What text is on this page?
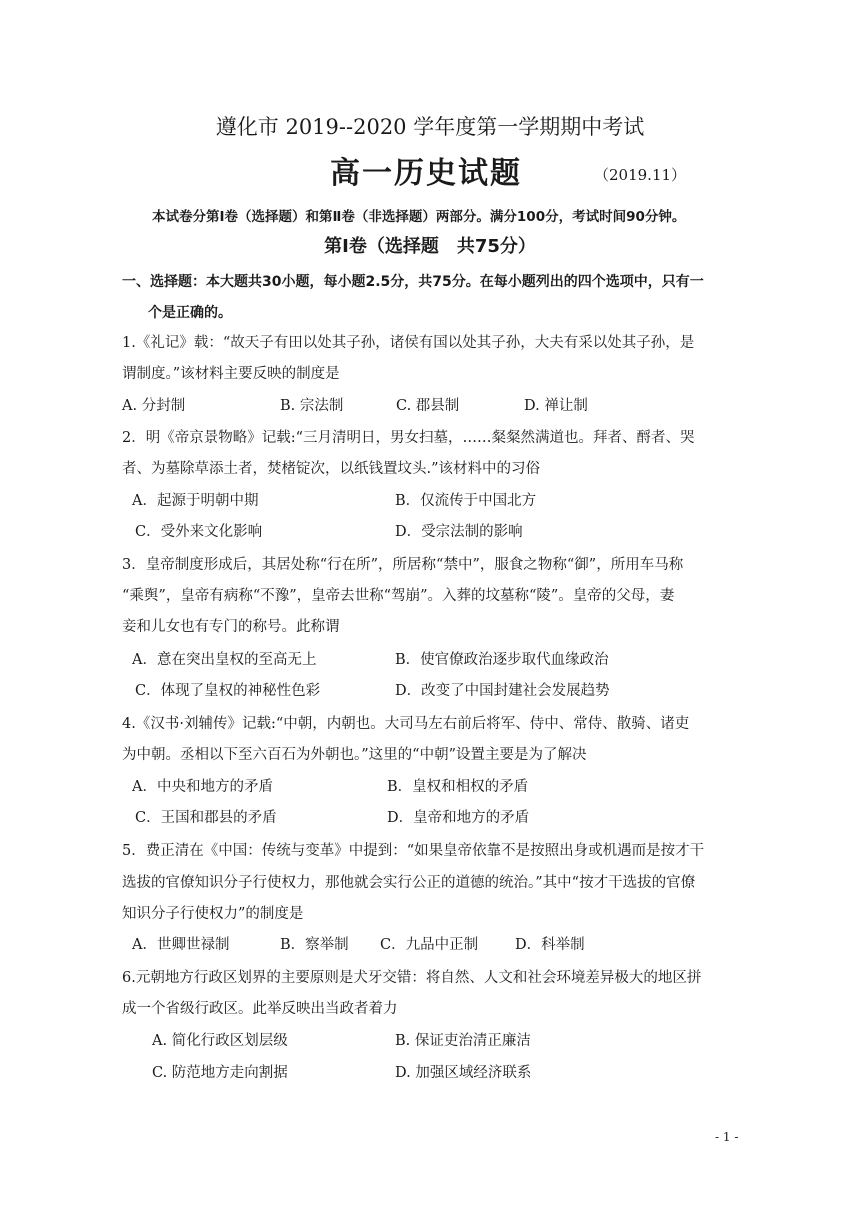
遵化市 2019--2020 学年度第一学期期中考试
高一历史试题	（2019.11）
本试卷分第Ⅰ卷（选择题）和第Ⅱ卷（非选择题）两部分。满分100分，考试时间90分钟。
第Ⅰ卷（选择题　共75分）
一、选择题：本大题共30小题，每小题2.5分，共75分。在每小题列出的四个选项中，只有一
个是正确的。
1.《礼记》载：“故天子有田以处其子孙，诸侯有国以处其子孙，大夫有采以处其子孙，是
谓制度。”该材料主要反映的制度是
A. 分封制	B. 宗法制	C. 郡县制	D. 禅让制
2．明《帝京景物略》记载:“三月清明日，男女扫墓，……粲粲然满道也。拜者、酹者、哭
者、为墓除草添土者，焚楮锭次，以纸钱置坟头.”该材料中的习俗
A．起源于明朝中期	B．仅流传于中国北方
C．受外来文化影响	D．受宗法制的影响
3．皇帝制度形成后，其居处称“行在所”，所居称“禁中”，服食之物称“御”，所用车马称
“乘舆”，皇帝有病称“不豫”，皇帝去世称“驾崩”。入葬的坟墓称“陵”。皇帝的父母，妻
妾和儿女也有专门的称号。此称谓
A．意在突出皇权的至高无上	B．使官僚政治逐步取代血缘政治
C．体现了皇权的神秘性色彩	D．改变了中国封建社会发展趋势
4.《汉书·刘辅传》记载:“中朝，内朝也。大司马左右前后将军、侍中、常侍、散骑、诸吏
为中朝。丞相以下至六百石为外朝也。”这里的“中朝”设置主要是为了解决
A．中央和地方的矛盾	B．皇权和相权的矛盾
C．王国和郡县的矛盾	D．皇帝和地方的矛盾
5．费正清在《中国：传统与变革》中提到：“如果皇帝依靠不是按照出身或机遇而是按才干
选拔的官僚知识分子行使权力，那他就会实行公正的道德的统治。”其中“按才干选拔的官僚
知识分子行使权力”的制度是
A．世卿世禄制	B．察举制 C．九品中正制	D．科举制
6.元朝地方行政区划界的主要原则是犬牙交错：将自然、人文和社会环境差异极大的地区拼
成一个省级行政区。此举反映出当政者着力
A. 简化行政区划层级	B. 保证吏治清正廉洁
C. 防范地方走向割据	D. 加强区域经济联系
- 1 -
